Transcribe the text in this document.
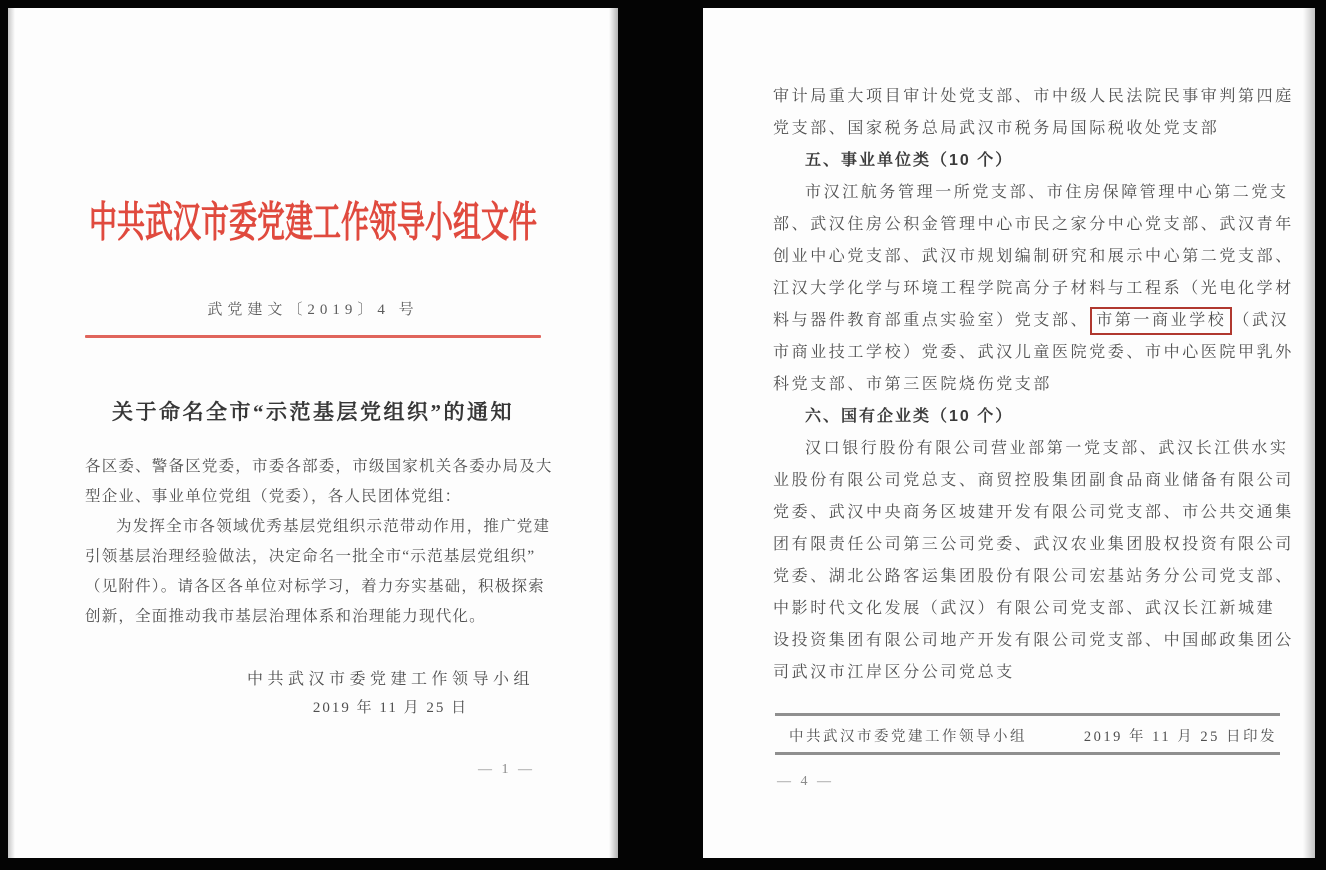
中共武汉市委党建工作领导小组文件
武党建文〔2019〕4 号
关于命名全市“示范基层党组织”的通知
各区委、警备区党委，市委各部委，市级国家机关各委办局及大
型企业、事业单位党组（党委），各人民团体党组：
为发挥全市各领域优秀基层党组织示范带动作用，推广党建
引领基层治理经验做法，决定命名一批全市“示范基层党组织”
（见附件）。请各区各单位对标学习，着力夯实基础，积极探索
创新，全面推动我市基层治理体系和治理能力现代化。
中共武汉市委党建工作领导小组
2019 年 11 月 25 日
— 1 —
审计局重大项目审计处党支部、市中级人民法院民事审判第四庭
党支部、国家税务总局武汉市税务局国际税收处党支部
五、事业单位类（10 个）
市汉江航务管理一所党支部、市住房保障管理中心第二党支
部、武汉住房公积金管理中心市民之家分中心党支部、武汉青年
创业中心党支部、武汉市规划编制研究和展示中心第二党支部、
江汉大学化学与环境工程学院高分子材料与工程系（光电化学材
料与器件教育部重点实验室）党支部、 市第一商业学校 （武汉
市商业技工学校）党委、武汉儿童医院党委、市中心医院甲乳外
科党支部、市第三医院烧伤党支部
六、国有企业类（10 个）
汉口银行股份有限公司营业部第一党支部、武汉长江供水实
业股份有限公司党总支、商贸控股集团副食品商业储备有限公司
党委、武汉中央商务区坡建开发有限公司党支部、市公共交通集
团有限责任公司第三公司党委、武汉农业集团股权投资有限公司
党委、湖北公路客运集团股份有限公司宏基站务分公司党支部、
中影时代文化发展（武汉）有限公司党支部、武汉长江新城建
设投资集团有限公司地产开发有限公司党支部、中国邮政集团公
司武汉市江岸区分公司党总支
中共武汉市委党建工作领导小组	2019 年 11 月 25 日印发
— 4 —
